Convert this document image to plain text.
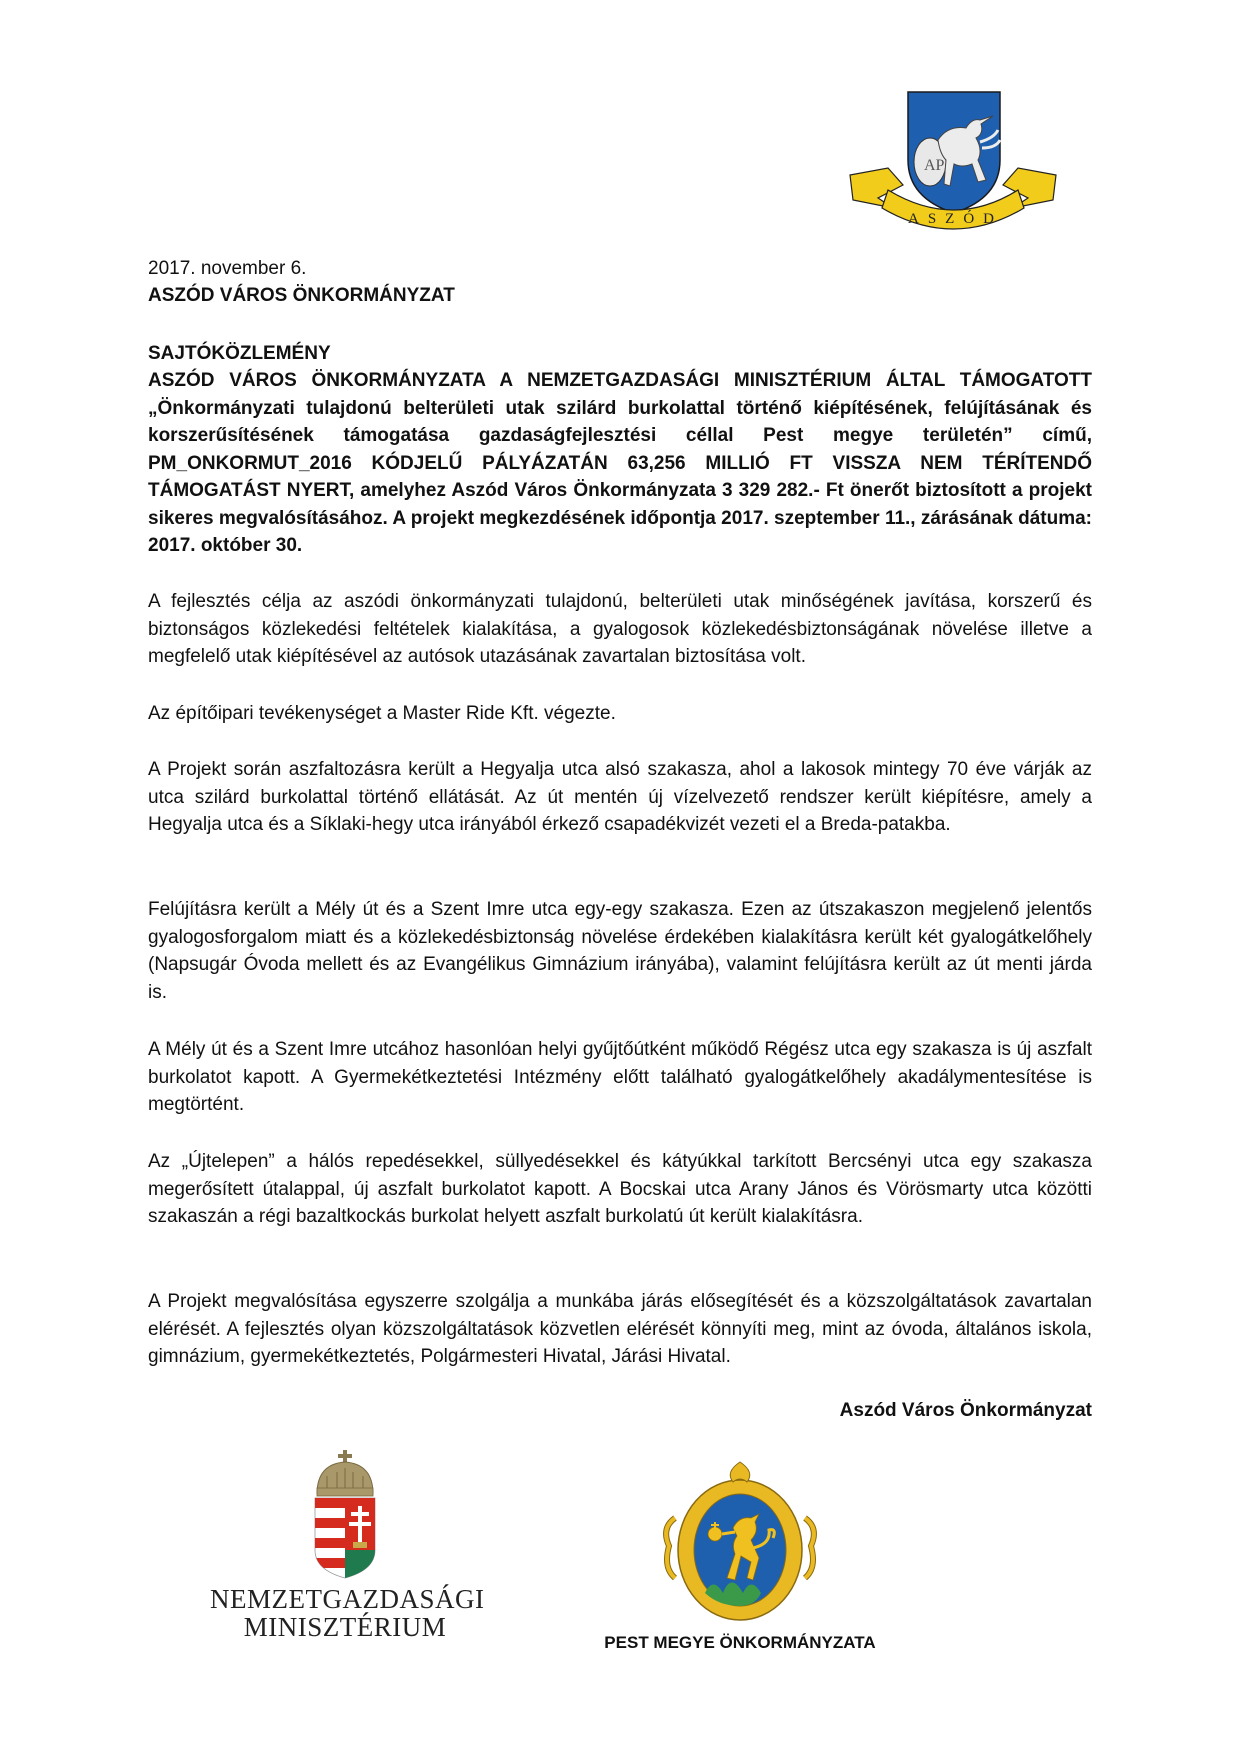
AP
ASZÓD

2017. november 6.

ASZÓD VÁROS ÖNKORMÁNYZAT

SAJTÓKÖZLEMÉNY

ASZÓD VÁROS ÖNKORMÁNYZATA A NEMZETGAZDASÁGI MINISZTÉRIUM ÁLTAL TÁMOGATOTT „Önkormányzati tulajdonú belterületi utak szilárd burkolattal történő kiépítésének, felújításának és korszerűsítésének támogatása gazdaságfejlesztési céllal Pest megye területén” című, PM_ONKORMUT_2016 KÓDJELŰ PÁLYÁZATÁN 63,256 MILLIÓ FT VISSZA NEM TÉRÍTENDŐ TÁMOGATÁST NYERT, amelyhez Aszód Város Önkormányzata 3 329 282.- Ft önerőt biztosított a projekt sikeres megvalósításához. A projekt megkezdésének időpontja 2017. szeptember 11., zárásának dátuma: 2017. október 30.

A fejlesztés célja az aszódi önkormányzati tulajdonú, belterületi utak minőségének javítása, korszerű és biztonságos közlekedési feltételek kialakítása, a gyalogosok közlekedésbiztonságának növelése illetve a megfelelő utak kiépítésével az autósok utazásának zavartalan biztosítása volt.

Az építőipari tevékenységet a Master Ride Kft. végezte.

A Projekt során aszfaltozásra került a Hegyalja utca alsó szakasza, ahol a lakosok mintegy 70 éve várják az utca szilárd burkolattal történő ellátását. Az út mentén új vízelvezető rendszer került kiépítésre, amely a Hegyalja utca és a Síklaki-hegy utca irányából érkező csapadékvizét vezeti el a Breda-patakba.

Felújításra került a Mély út és a Szent Imre utca egy-egy szakasza. Ezen az útszakaszon megjelenő jelentős gyalogosforgalom miatt és a közlekedésbiztonság növelése érdekében kialakításra került két gyalogátkelőhely (Napsugár Óvoda mellett és az Evangélikus Gimnázium irányába), valamint felújításra került az út menti járda is.

A Mély út és a Szent Imre utcához hasonlóan helyi gyűjtőútként működő Régész utca egy szakasza is új aszfalt burkolatot kapott. A Gyermekétkeztetési Intézmény előtt található gyalogátkelőhely akadálymentesítése is megtörtént.

Az „Újtelepen” a hálós repedésekkel, süllyedésekkel és kátyúkkal tarkított Bercsényi utca egy szakasza megerősített útalappal, új aszfalt burkolatot kapott. A Bocskai utca Arany János és Vörösmarty utca közötti szakaszán a régi bazaltkockás burkolat helyett aszfalt burkolatú út került kialakításra.

A Projekt megvalósítása egyszerre szolgálja a munkába járás elősegítését és a közszolgáltatások zavartalan elérését. A fejlesztés olyan közszolgáltatások közvetlen elérését könnyíti meg, mint az óvoda, általános iskola, gimnázium, gyermekétkeztetés, Polgármesteri Hivatal, Járási Hivatal.

Aszód Város Önkormányzat

NEMZETGAZDASÁGI
MINISZTÉRIUM
PEST MEGYE ÖNKORMÁNYZATA
